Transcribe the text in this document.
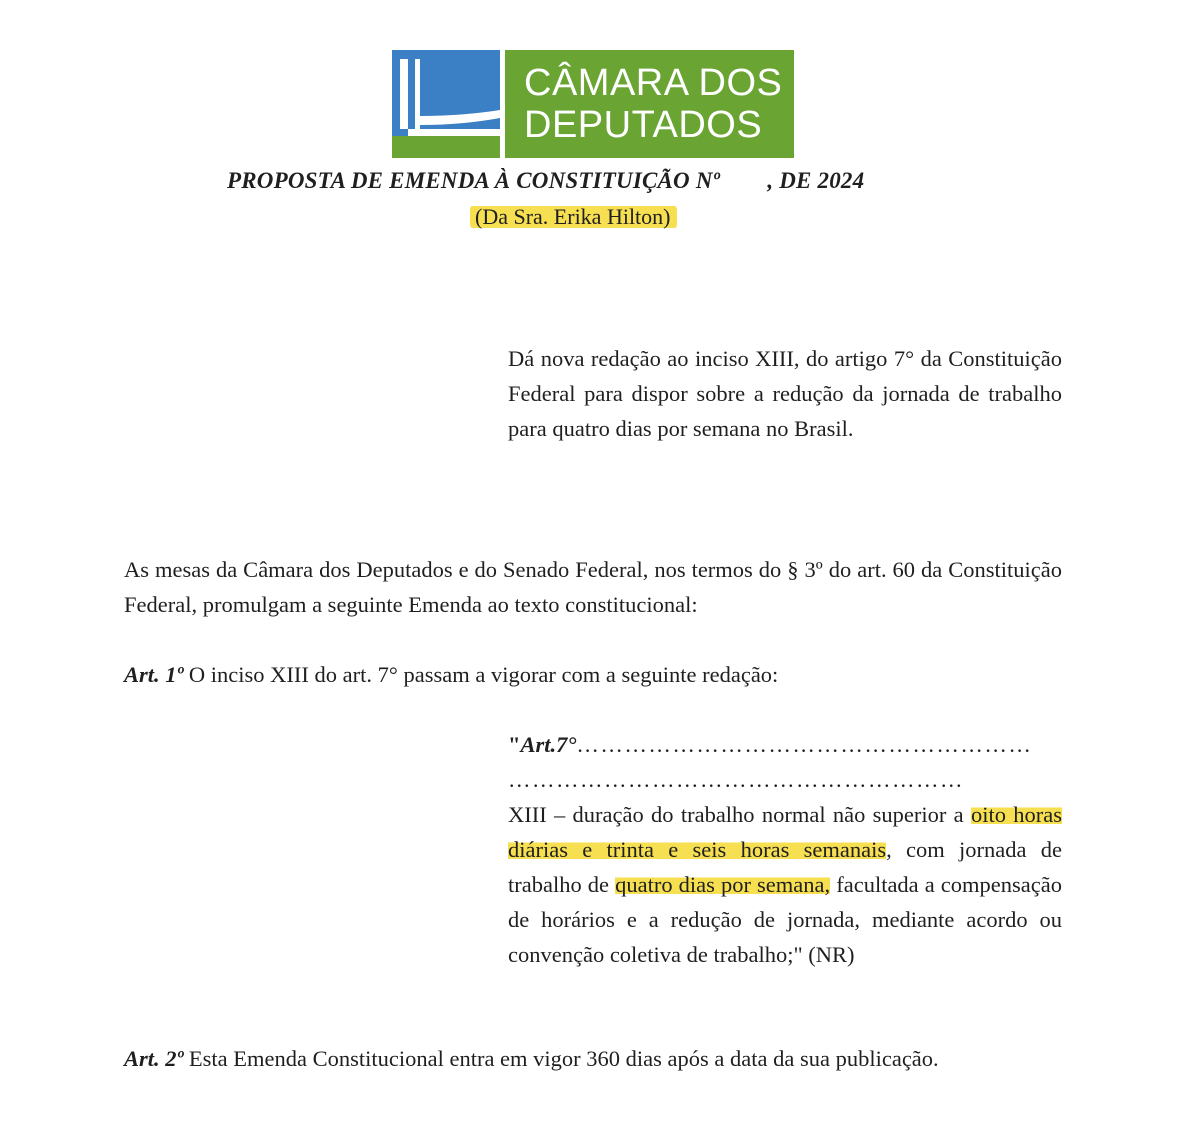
CÂMARA DOS
DEPUTADOS
PROPOSTA DE EMENDA À CONSTITUIÇÃO Nº        , DE 2024
(Da Sra. Erika Hilton)
Dá nova redação ao inciso XIII, do artigo 7° da Constituição Federal para dispor sobre a redução da jornada de trabalho para quatro dias por semana no Brasil.
As mesas da Câmara dos Deputados e do Senado Federal, nos termos do § 3º do art. 60 da Constituição Federal, promulgam a seguinte Emenda ao texto constitucional:
Art. 1º O inciso XIII do art. 7° passam a vigorar com a seguinte redação:
"Art.7°…………………………………………………
…………………………………………………
XIII – duração do trabalho normal não superior a oito horas diárias e trinta e seis horas semanais, com jornada de trabalho de quatro dias por semana, facultada a compensação de horários e a redução de jornada, mediante acordo ou convenção coletiva de trabalho;" (NR)
Art. 2º Esta Emenda Constitucional entra em vigor 360 dias após a data da sua publicação.
